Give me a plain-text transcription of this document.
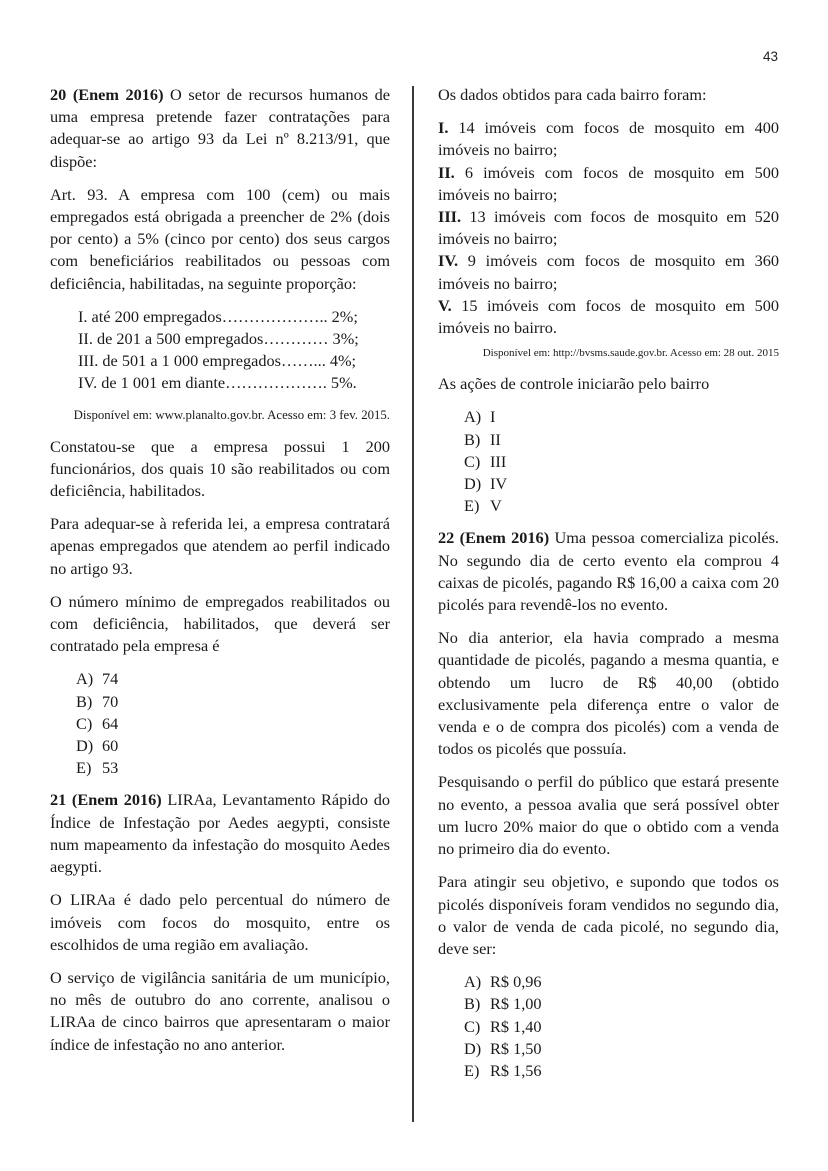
43

20 (Enem 2016) O setor de recursos humanos de uma empresa pretende fazer contratações para adequar-se ao artigo 93 da Lei nº 8.213/91, que dispõe:

Art. 93. A empresa com 100 (cem) ou mais empregados está obrigada a preencher de 2% (dois por cento) a 5% (cinco por cento) dos seus cargos com beneficiários reabilitados ou pessoas com deficiência, habilitadas, na seguinte proporção:

I. até 200 empregados……………….. 2%;
II. de 201 a 500 empregados………… 3%;
III. de 501 a 1 000 empregados……... 4%;
IV. de 1 001 em diante………………. 5%.
Disponível em: www.planalto.gov.br. Acesso em: 3 fev. 2015.

Constatou-se que a empresa possui 1 200 funcionários, dos quais 10 são reabilitados ou com deficiência, habilitados.

Para adequar-se à referida lei, a empresa contratará apenas empregados que atendem ao perfil indicado no artigo 93.

O número mínimo de empregados reabilitados ou com deficiência, habilitados, que deverá ser contratado pela empresa é

A) 74
B) 70
C) 64
D) 60
E) 53

21 (Enem 2016) LIRAa, Levantamento Rápido do Índice de Infestação por Aedes aegypti, consiste num mapeamento da infestação do mosquito Aedes aegypti.

O LIRAa é dado pelo percentual do número de imóveis com focos do mosquito, entre os escolhidos de uma região em avaliação.

O serviço de vigilância sanitária de um município, no mês de outubro do ano corrente, analisou o LIRAa de cinco bairros que apresentaram o maior índice de infestação no ano anterior.

Os dados obtidos para cada bairro foram:

I. 14 imóveis com focos de mosquito em 400 imóveis no bairro;

II. 6 imóveis com focos de mosquito em 500 imóveis no bairro;

III. 13 imóveis com focos de mosquito em 520 imóveis no bairro;

IV. 9 imóveis com focos de mosquito em 360 imóveis no bairro;

V. 15 imóveis com focos de mosquito em 500 imóveis no bairro.

Disponível em: http://bvsms.saude.gov.br. Acesso em: 28 out. 2015

As ações de controle iniciarão pelo bairro

A) I
B) II
C) III
D) IV
E) V

22 (Enem 2016) Uma pessoa comercializa picolés. No segundo dia de certo evento ela comprou 4 caixas de picolés, pagando R$ 16,00 a caixa com 20 picolés para revendê-los no evento.

No dia anterior, ela havia comprado a mesma quantidade de picolés, pagando a mesma quantia, e obtendo um lucro de R$ 40,00 (obtido exclusivamente pela diferença entre o valor de venda e o de compra dos picolés) com a venda de todos os picolés que possuía.

Pesquisando o perfil do público que estará presente no evento, a pessoa avalia que será possível obter um lucro 20% maior do que o obtido com a venda no primeiro dia do evento.

Para atingir seu objetivo, e supondo que todos os picolés disponíveis foram vendidos no segundo dia, o valor de venda de cada picolé, no segundo dia, deve ser:

A) R$ 0,96
B) R$ 1,00
C) R$ 1,40
D) R$ 1,50
E) R$ 1,56
